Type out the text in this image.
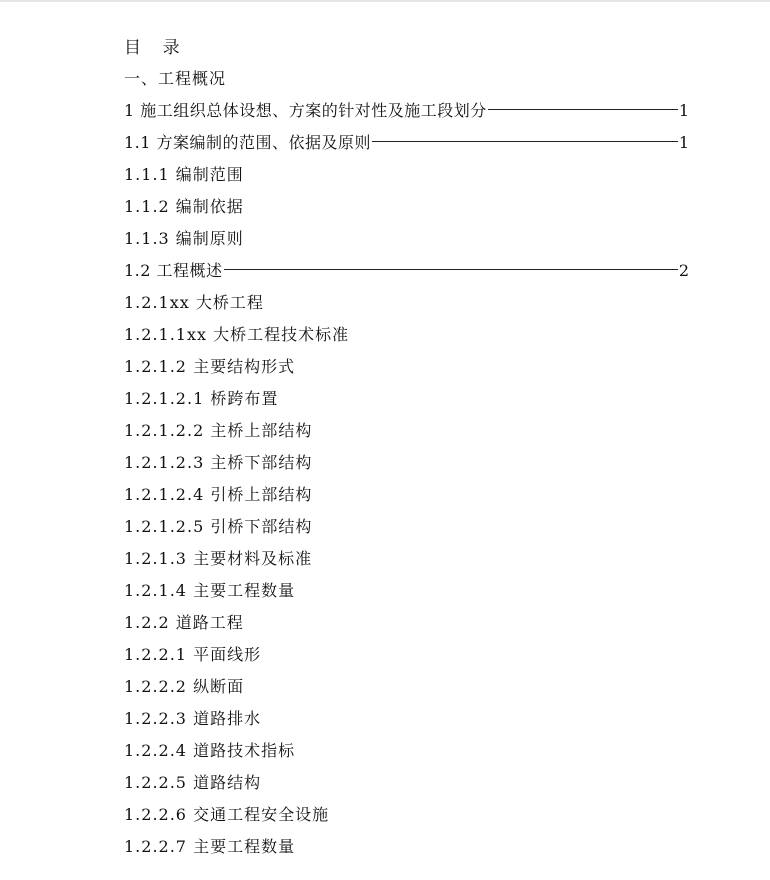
目    录
一、工程概况
1 施工组织总体设想、方案的针对性及施工段划分	1
1.1 方案编制的范围、依据及原则	1
1.1.1 编制范围
1.1.2 编制依据
1.1.3 编制原则
1.2 工程概述	2
1.2.1xx 大桥工程
1.2.1.1xx 大桥工程技术标准
1.2.1.2 主要结构形式
1.2.1.2.1 桥跨布置
1.2.1.2.2 主桥上部结构
1.2.1.2.3 主桥下部结构
1.2.1.2.4 引桥上部结构
1.2.1.2.5 引桥下部结构
1.2.1.3 主要材料及标准
1.2.1.4 主要工程数量
1.2.2 道路工程
1.2.2.1 平面线形
1.2.2.2 纵断面
1.2.2.3 道路排水
1.2.2.4 道路技术指标
1.2.2.5 道路结构
1.2.2.6 交通工程安全设施
1.2.2.7 主要工程数量
